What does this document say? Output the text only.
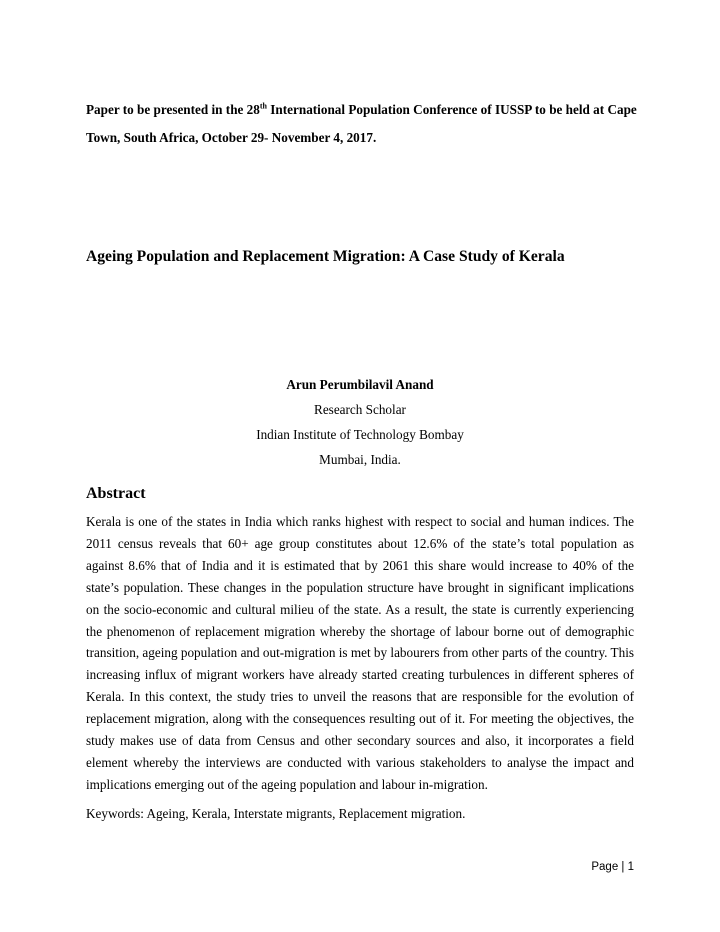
Paper to be presented in the 28th International Population Conference of IUSSP to be held at Cape Town, South Africa, October 29- November 4, 2017.

Ageing Population and Replacement Migration: A Case Study of Kerala
Arun Perumbilavil Anand
Research Scholar
Indian Institute of Technology Bombay
Mumbai, India.
Abstract

Kerala is one of the states in India which ranks highest with respect to social and human indices. The 2011 census reveals that 60+ age group constitutes about 12.6% of the state’s total population as against 8.6% that of India and it is estimated that by 2061 this share would increase to 40% of the state’s population. These changes in the population structure have brought in significant implications on the socio-economic and cultural milieu of the state. As a result, the state is currently experiencing the phenomenon of replacement migration whereby the shortage of labour borne out of demographic transition, ageing population and out-migration is met by labourers from other parts of the country. This increasing influx of migrant workers have already started creating turbulences in different spheres of Kerala. In this context, the study tries to unveil the reasons that are responsible for the evolution of replacement migration, along with the consequences resulting out of it. For meeting the objectives, the study makes use of data from Census and other secondary sources and also, it incorporates a field element whereby the interviews are conducted with various stakeholders to analyse the impact and implications emerging out of the ageing population and labour in-migration.

Keywords: Ageing, Kerala, Interstate migrants, Replacement migration.

Page | 1
